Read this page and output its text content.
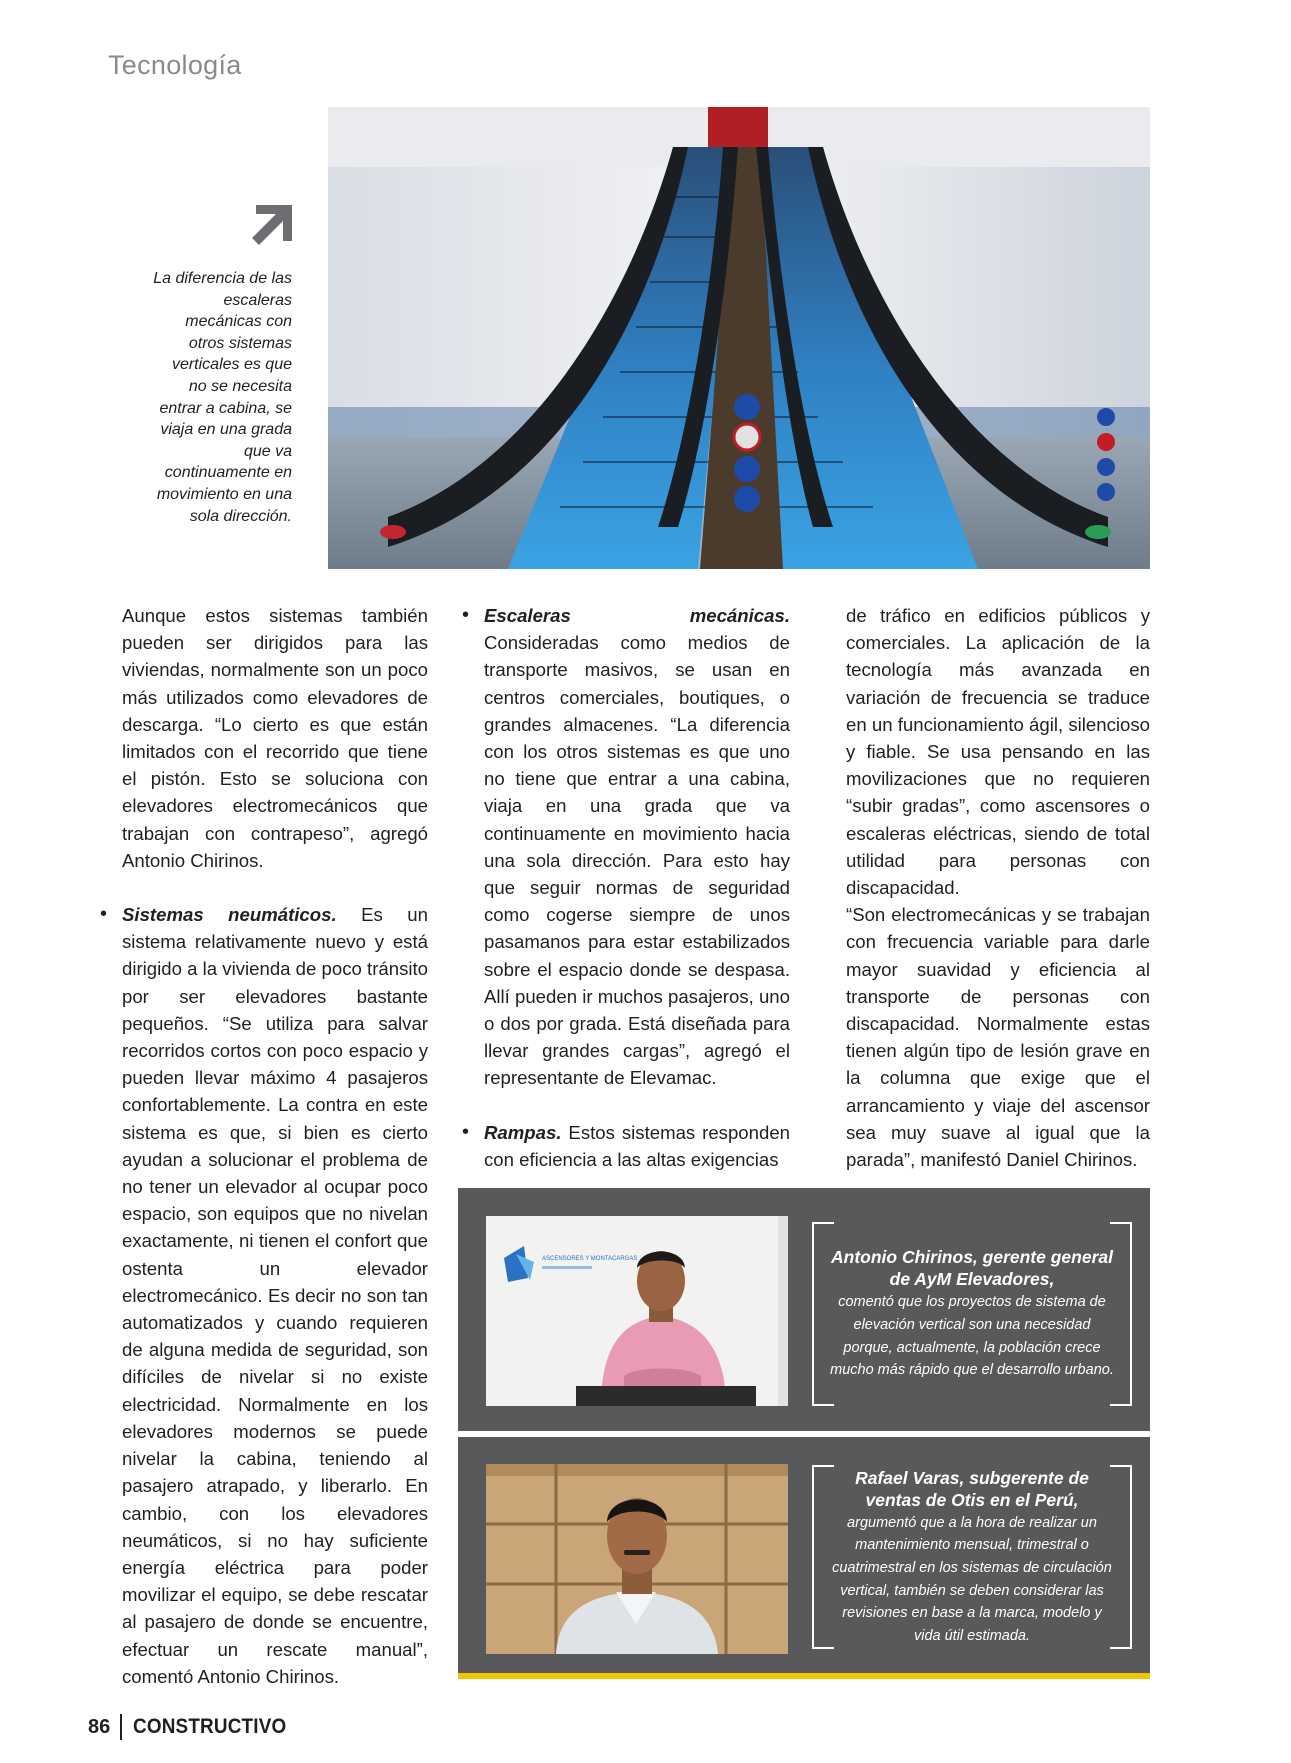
Tecnología
La diferencia de las escaleras mecánicas con otros sistemas verticales es que no se necesita entrar a cabina, se viaja en una grada que va continuamente en movimiento en una sola dirección.

Aunque estos sistemas también pueden ser dirigidos para las viviendas, normalmente son un poco más utilizados como elevadores de descarga. “Lo cierto es que están limitados con el recorrido que tiene el pistón. Esto se soluciona con elevadores electromecánicos que trabajan con contrapeso”, agregó Antonio Chirinos.

• Sistemas neumáticos. Es un sistema relativamente nuevo y está dirigido a la vivienda de poco tránsito por ser elevadores bastante pequeños. “Se utiliza para salvar recorridos cortos con poco espacio y pueden llevar máximo 4 pasajeros confortablemente. La contra en este sistema es que, si bien es cierto ayudan a solucionar el problema de no tener un elevador al ocupar poco espacio, son equipos que no nivelan exactamente, ni tienen el confort que ostenta un elevador electromecánico. Es decir no son tan automatizados y cuando requieren de alguna medida de seguridad, son difíciles de nivelar si no existe electricidad. Normalmente en los elevadores modernos se puede nivelar la cabina, teniendo al pasajero atrapado, y liberarlo. En cambio, con los elevadores neumáticos, si no hay suficiente energía eléctrica para poder movilizar el equipo, se debe rescatar al pasajero de donde se encuentre, efectuar un rescate manual”, comentó Antonio Chirinos.

• Escaleras mecánicas. Consideradas como medios de transporte masivos, se usan en centros comerciales, boutiques, o grandes almacenes. “La diferencia con los otros sistemas es que uno no tiene que entrar a una cabina, viaja en una grada que va continuamente en movimiento hacia una sola dirección. Para esto hay que seguir normas de seguridad como cogerse siempre de unos pasamanos para estar estabilizados sobre el espacio donde se despasa. Allí pueden ir muchos pasajeros, uno o dos por grada. Está diseñada para llevar grandes cargas”, agregó el representante de Elevamac.

• Rampas. Estos sistemas responden con eficiencia a las altas exigencias

de tráfico en edificios públicos y comerciales. La aplicación de la tecnología más avanzada en variación de frecuencia se traduce en un funcionamiento ágil, silencioso y fiable. Se usa pensando en las movilizaciones que no requieren “subir gradas”, como ascensores o escaleras eléctricas, siendo de total utilidad para personas con discapacidad.

“Son electromecánicas y se trabajan con frecuencia variable para darle mayor suavidad y eficiencia al transporte de personas con discapacidad. Normalmente estas tienen algún tipo de lesión grave en la columna que exige que el arrancamiento y viaje del ascensor sea muy suave al igual que la parada”, manifestó Daniel Chirinos.

ASCENSORES Y MONTACARGAS	Antonio Chirinos, gerente general de AyM Elevadores,
comentó que los proyectos de sistema de elevación vertical son una necesidad porque, actualmente, la población crece mucho más rápido que el desarrollo urbano.
Rafael Varas, subgerente de ventas de Otis en el Perú,
argumentó que a la hora de realizar un mantenimiento mensual, trimestral o cuatrimestral en los sistemas de circulación vertical, también se deben considerar las revisiones en base a la marca, modelo y vida útil estimada.
86 CONSTRUCTIVO
